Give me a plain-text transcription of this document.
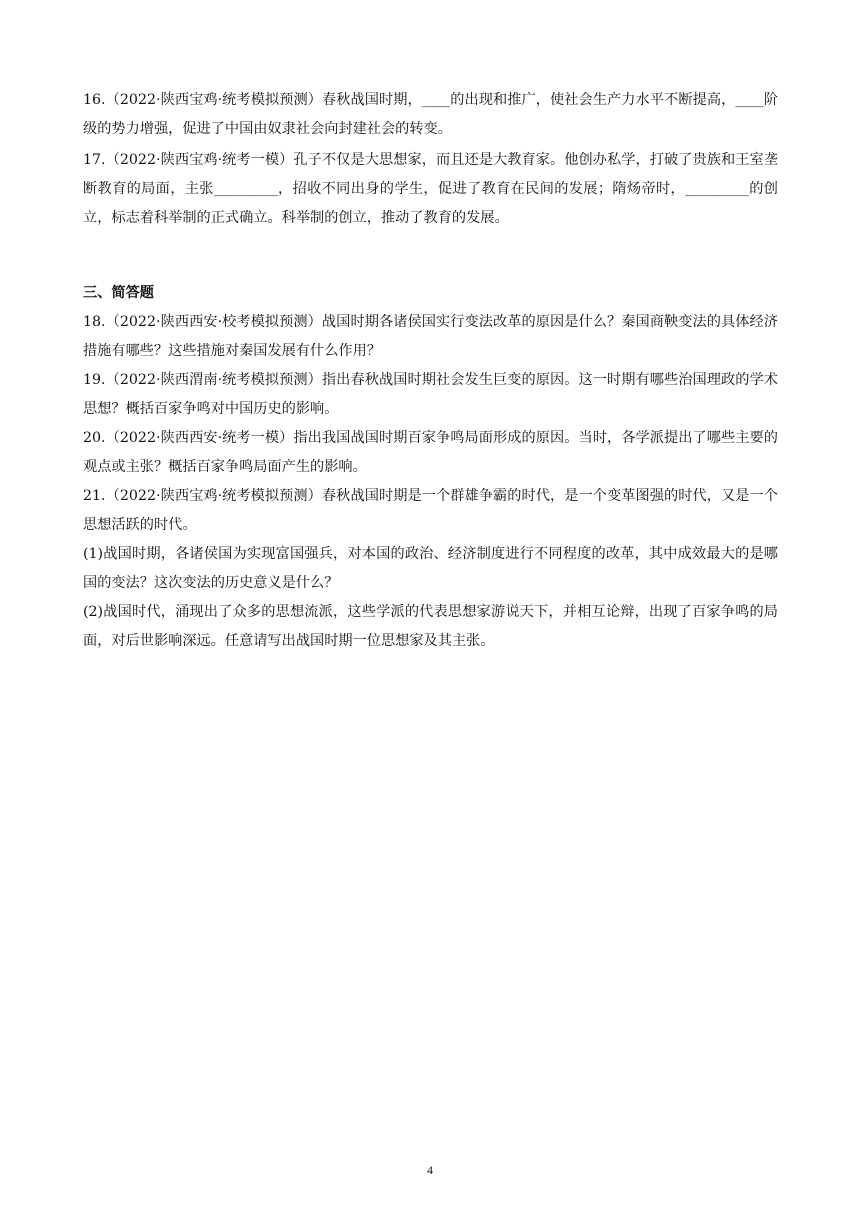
16.（2022·陕西宝鸡·统考模拟预测）春秋战国时期，____的出现和推广，使社会生产力水平不断提高，____阶级的势力增强，促进了中国由奴隶社会向封建社会的转变。

17.（2022·陕西宝鸡·统考一模）孔子不仅是大思想家，而且还是大教育家。他创办私学，打破了贵族和王室垄断教育的局面，主张_________，招收不同出身的学生，促进了教育在民间的发展；隋炀帝时，_________的创立，标志着科举制的正式确立。科举制的创立，推动了教育的发展。

三、简答题

18.（2022·陕西西安·校考模拟预测）战国时期各诸侯国实行变法改革的原因是什么？秦国商鞅变法的具体经济措施有哪些？这些措施对秦国发展有什么作用？

19.（2022·陕西渭南·统考模拟预测）指出春秋战国时期社会发生巨变的原因。这一时期有哪些治国理政的学术思想？概括百家争鸣对中国历史的影响。

20.（2022·陕西西安·统考一模）指出我国战国时期百家争鸣局面形成的原因。当时，各学派提出了哪些主要的观点或主张？概括百家争鸣局面产生的影响。

21.（2022·陕西宝鸡·统考模拟预测）春秋战国时期是一个群雄争霸的时代，是一个变革图强的时代，又是一个思想活跃的时代。

(1)战国时期，各诸侯国为实现富国强兵，对本国的政治、经济制度进行不同程度的改革，其中成效最大的是哪国的变法？这次变法的历史意义是什么？

(2)战国时代，涌现出了众多的思想流派，这些学派的代表思想家游说天下，并相互论辩，出现了百家争鸣的局面，对后世影响深远。任意请写出战国时期一位思想家及其主张。

4
